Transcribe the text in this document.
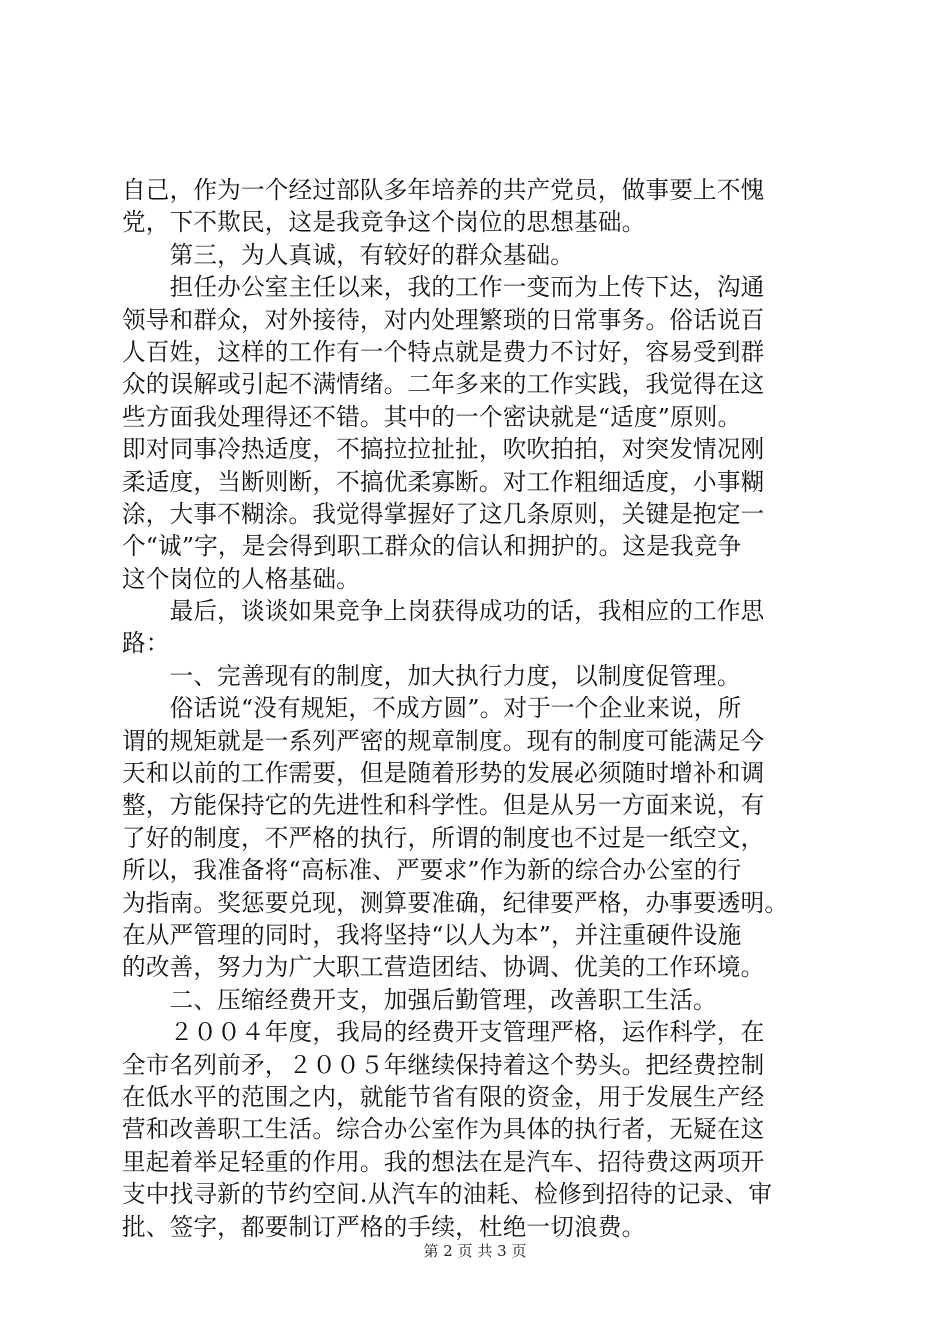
自己，作为一个经过部队多年培养的共产党员，做事要上不愧
党，下不欺民，这是我竞争这个岗位的思想基础。
　　第三，为人真诚，有较好的群众基础。
　　担任办公室主任以来，我的工作一变而为上传下达，沟通
领导和群众，对外接待，对内处理繁琐的日常事务。俗话说百
人百姓，这样的工作有一个特点就是费力不讨好，容易受到群
众的误解或引起不满情绪。二年多来的工作实践，我觉得在这
些方面我处理得还不错。其中的一个密诀就是“适度”原则。
即对同事冷热适度，不搞拉拉扯扯，吹吹拍拍，对突发情况刚
柔适度，当断则断，不搞优柔寡断。对工作粗细适度，小事糊
涂，大事不糊涂。我觉得掌握好了这几条原则，关键是抱定一
个“诚”字，是会得到职工群众的信认和拥护的。这是我竞争
这个岗位的人格基础。
　　最后，谈谈如果竞争上岗获得成功的话，我相应的工作思
路：
　　一、完善现有的制度，加大执行力度，以制度促管理。
　　俗话说“没有规矩，不成方圆”。对于一个企业来说，所
谓的规矩就是一系列严密的规章制度。现有的制度可能满足今
天和以前的工作需要，但是随着形势的发展必须随时增补和调
整，方能保持它的先进性和科学性。但是从另一方面来说，有
了好的制度，不严格的执行，所谓的制度也不过是一纸空文，
所以，我准备将“高标准、严要求”作为新的综合办公室的行
为指南。奖惩要兑现，测算要准确，纪律要严格，办事要透明。
在从严管理的同时，我将坚持“以人为本”，并注重硬件设施
的改善，努力为广大职工营造团结、协调、优美的工作环境。
　　二、压缩经费开支，加强后勤管理，改善职工生活。
　　２００４年度，我局的经费开支管理严格，运作科学，在
全市名列前矛，２００５年继续保持着这个势头。把经费控制
在低水平的范围之内，就能节省有限的资金，用于发展生产经
营和改善职工生活。综合办公室作为具体的执行者，无疑在这
里起着举足轻重的作用。我的想法在是汽车、招待费这两项开
支中找寻新的节约空间.从汽车的油耗、检修到招待的记录、审
批、签字，都要制订严格的手续，杜绝一切浪费。
第 2 页 共 3 页
